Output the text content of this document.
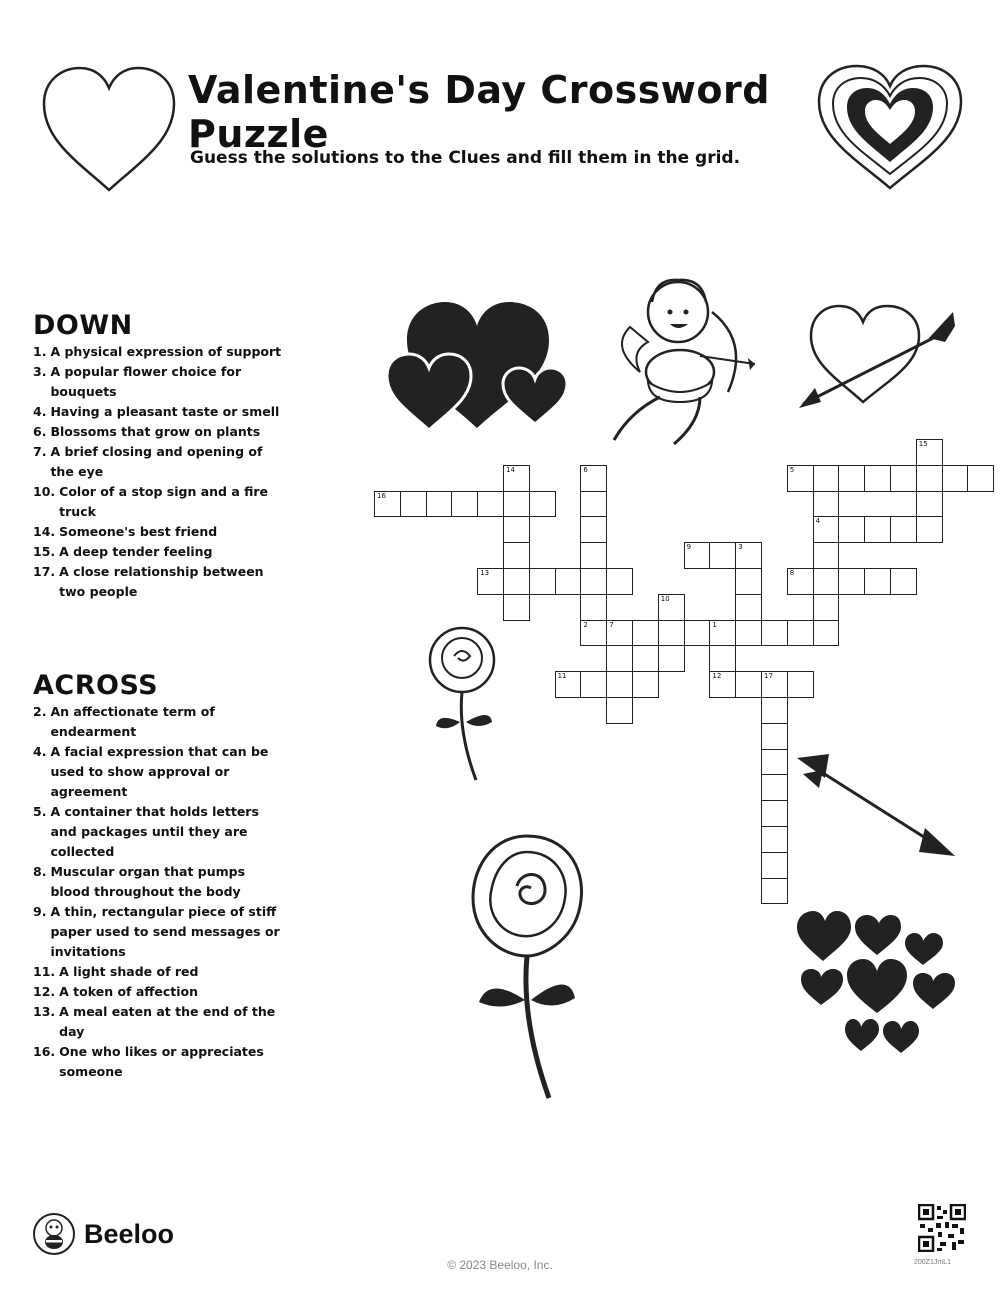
Valentine's Day Crossword Puzzle
Guess the solutions to the Clues and fill them in the grid.
DOWN
1. A physical expression of support
3. A popular flower choice for bouquets
4. Having a pleasant taste or smell
6. Blossoms that grow on plants
7. A brief closing and opening of the eye
10. Color of a stop sign and a fire truck
14. Someone's best friend
15. A deep tender feeling
17. A close relationship between two people
ACROSS
2. An affectionate term of endearment
4. A facial expression that can be used to show approval or agreement
5. A container that holds letters and packages until they are collected
8. Muscular organ that pumps blood throughout the body
9. A thin, rectangular piece of stiff paper used to send messages or invitations
11. A light shade of red
12. A token of affection
13. A meal eaten at the end of the day
16. One who likes or appreciates someone
15
14	6	5
16
4
9	3
13	8
10
2	7	1
11	12	17
Beeloo
© 2023 Beeloo, Inc.	200Z1JmL1
